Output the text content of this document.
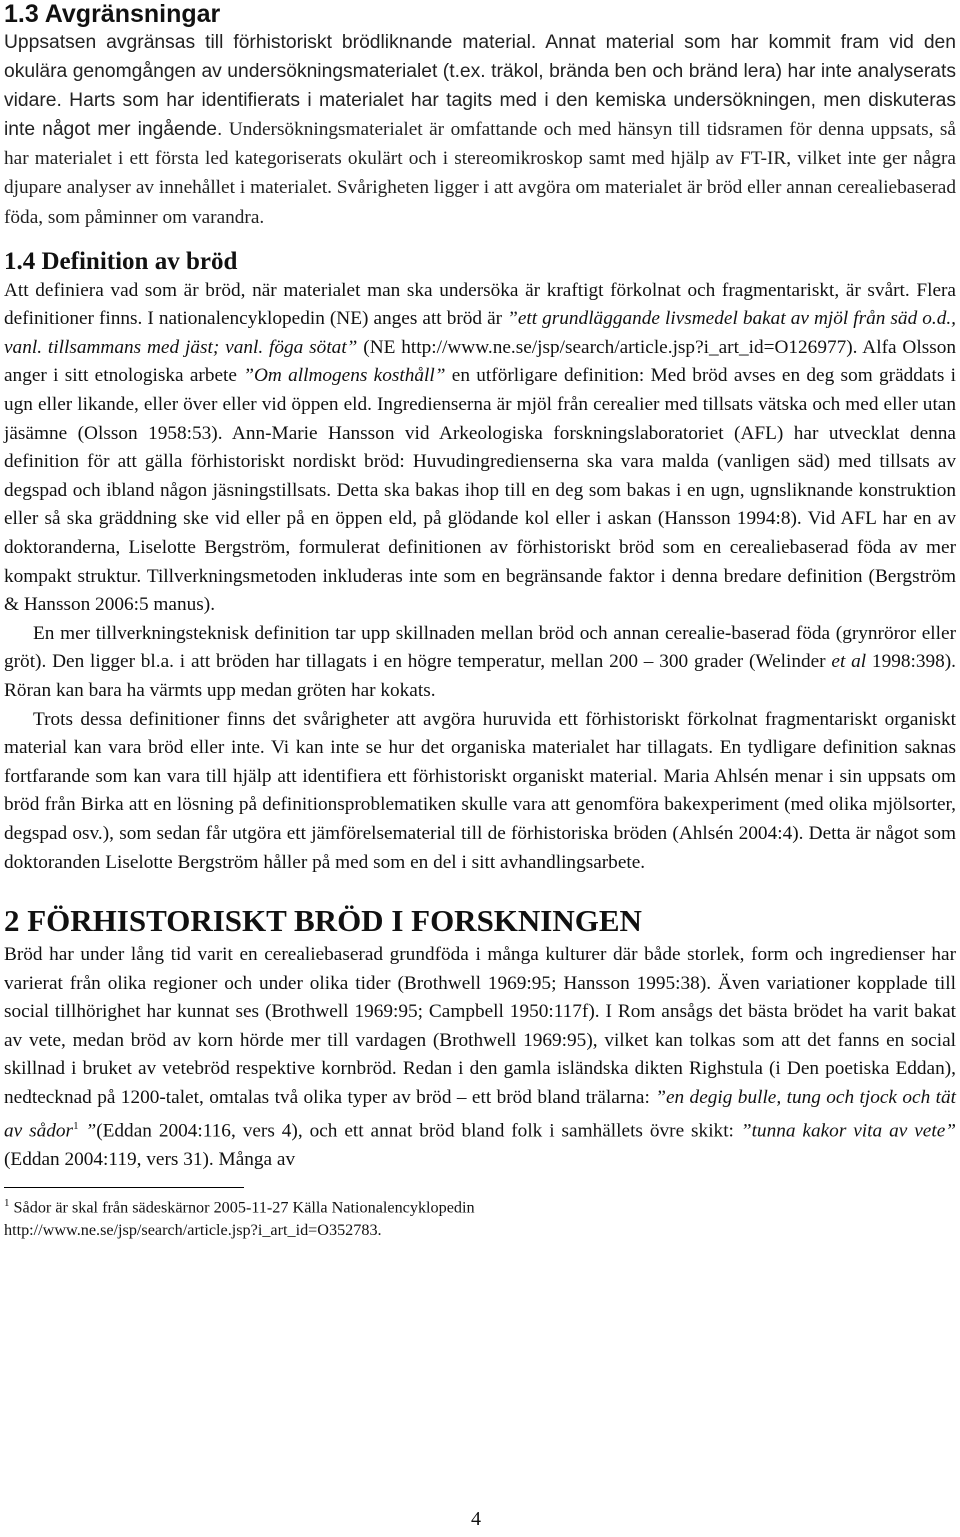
1.3 Avgränsningar

Uppsatsen avgränsas till förhistoriskt brödliknande material. Annat material som har kommit fram vid den okulära genomgången av undersökningsmaterialet (t.ex. träkol, brända ben och bränd lera) har inte analyserats vidare. Harts som har identifierats i materialet har tagits med i den kemiska undersökningen, men diskuteras inte något mer ingående. Undersökningsmaterialet är omfattande och med hänsyn till tidsramen för denna uppsats, så har materialet i ett första led kategoriserats okulärt och i stereomikroskop samt med hjälp av FT-IR, vilket inte ger några djupare analyser av innehållet i materialet. Svårigheten ligger i att avgöra om materialet är bröd eller annan cerealiebaserad föda, som påminner om varandra.

1.4 Definition av bröd

Att definiera vad som är bröd, när materialet man ska undersöka är kraftigt förkolnat och fragmentariskt, är svårt. Flera definitioner finns. I nationalencyklopedin (NE) anges att bröd är ”ett grundläggande livsmedel bakat av mjöl från säd o.d., vanl. tillsammans med jäst; vanl. föga sötat” (NE http://www.ne.se/jsp/search/article.jsp?i_art_id=O126977). Alfa Olsson anger i sitt etnologiska arbete ”Om allmogens kosthåll” en utförligare definition: Med bröd avses en deg som gräddats i ugn eller likande, eller över eller vid öppen eld. Ingredienserna är mjöl från cerealier med tillsats vätska och med eller utan jäsämne (Olsson 1958:53). Ann-Marie Hansson vid Arkeologiska forskningslaboratoriet (AFL) har utvecklat denna definition för att gälla förhistoriskt nordiskt bröd: Huvudingredienserna ska vara malda (vanligen säd) med tillsats av degspad och ibland någon jäsningstillsats. Detta ska bakas ihop till en deg som bakas i en ugn, ugnsliknande konstruktion eller så ska gräddning ske vid eller på en öppen eld, på glödande kol eller i askan (Hansson 1994:8). Vid AFL har en av doktoranderna, Liselotte Bergström, formulerat definitionen av förhistoriskt bröd som en cerealiebaserad föda av mer kompakt struktur. Tillverkningsmetoden inkluderas inte som en begränsande faktor i denna bredare definition (Bergström & Hansson 2006:5 manus).

En mer tillverkningsteknisk definition tar upp skillnaden mellan bröd och annan cerealie-baserad föda (grynröror eller gröt). Den ligger bl.a. i att bröden har tillagats i en högre temperatur, mellan 200 – 300 grader (Welinder et al 1998:398). Röran kan bara ha värmts upp medan gröten har kokats.

Trots dessa definitioner finns det svårigheter att avgöra huruvida ett förhistoriskt förkolnat fragmentariskt organiskt material kan vara bröd eller inte. Vi kan inte se hur det organiska materialet har tillagats. En tydligare definition saknas fortfarande som kan vara till hjälp att identifiera ett förhistoriskt organiskt material. Maria Ahlsén menar i sin uppsats om bröd från Birka att en lösning på definitionsproblematiken skulle vara att genomföra bakexperiment (med olika mjölsorter, degspad osv.), som sedan får utgöra ett jämförelsematerial till de förhistoriska bröden (Ahlsén 2004:4). Detta är något som doktoranden Liselotte Bergström håller på med som en del i sitt avhandlingsarbete.

2 FÖRHISTORISKT BRÖD I FORSKNINGEN

Bröd har under lång tid varit en cerealiebaserad grundföda i många kulturer där både storlek, form och ingredienser har varierat från olika regioner och under olika tider (Brothwell 1969:95; Hansson 1995:38). Även variationer kopplade till social tillhörighet har kunnat ses (Brothwell 1969:95; Campbell 1950:117f). I Rom ansågs det bästa brödet ha varit bakat av vete, medan bröd av korn hörde mer till vardagen (Brothwell 1969:95), vilket kan tolkas som att det fanns en social skillnad i bruket av vetebröd respektive kornbröd. Redan i den gamla isländska dikten Righstula (i Den poetiska Eddan), nedtecknad på 1200-talet, omtalas två olika typer av bröd – ett bröd bland trälarna: ”en degig bulle, tung och tjock och tät av sådor$^1$ ”(Eddan 2004:116, vers 4), och ett annat bröd bland folk i samhällets övre skikt: ”tunna kakor vita av vete” (Eddan 2004:119, vers 31). Många av

$^1$ Sådor är skal från sädeskärnor 2005-11-27 Källa Nationalencyklopedin
http://www.ne.se/jsp/search/article.jsp?i_art_id=O352783.
4
